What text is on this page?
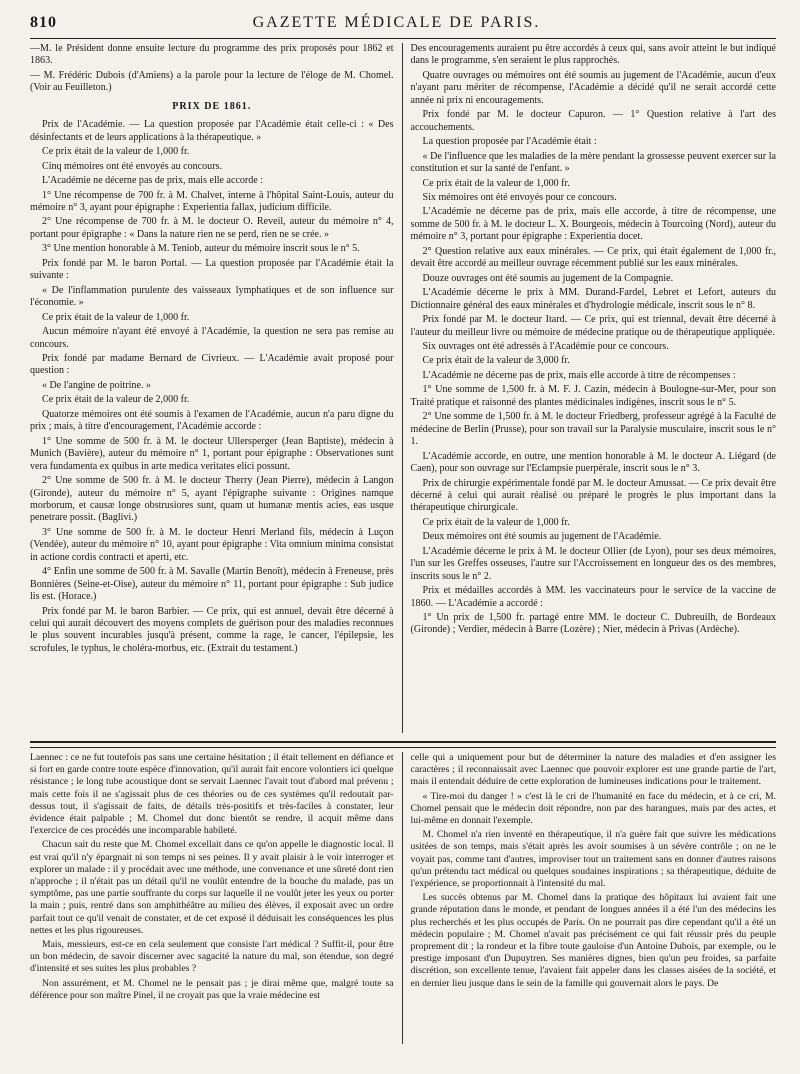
810	GAZETTE MÉDICALE DE PARIS.

—M. le Président donne ensuite lecture du programme des prix proposés pour 1862 et 1863.

— M. Frédéric Dubois (d'Amiens) a la parole pour la lecture de l'éloge de M. Chomel. (Voir au Feuilleton.)

PRIX DE 1861.

Prix de l'Académie. — La question proposée par l'Académie était celle-ci : « Des désinfectants et de leurs applications à la thérapeutique. »

Ce prix était de la valeur de 1,000 fr.

Cinq mémoires ont été envoyés au concours.

L'Académie ne décerne pas de prix, mais elle accorde :

1° Une récompense de 700 fr. à M. Chalvet, interne à l'hôpital Saint-Louis, auteur du mémoire n° 3, ayant pour épigraphe : Experientia fallax, judicium difficile.

2° Une récompense de 700 fr. à M. le docteur O. Reveil, auteur du mémoire n° 4, portant pour épigraphe : « Dans la nature rien ne se perd, rien ne se crée. »

3° Une mention honorable à M. Teniob, auteur du mémoire inscrit sous le n° 5.

Prix fondé par M. le baron Portal. — La question proposée par l'Académie était la suivante :

« De l'inflammation purulente des vaisseaux lymphatiques et de son influence sur l'économie. »

Ce prix était de la valeur de 1,000 fr.

Aucun mémoire n'ayant été envoyé à l'Académie, la question ne sera pas remise au concours.

Prix fondé par madame Bernard de Civrieux. — L'Académie avait proposé pour question :

« De l'angine de poitrine. »

Ce prix était de la valeur de 2,000 fr.

Quatorze mémoires ont été soumis à l'examen de l'Académie, aucun n'a paru digne du prix ; mais, à titre d'encouragement, l'Académie accorde :

1° Une somme de 500 fr. à M. le docteur Ullersperger (Jean Baptiste), médecin à Munich (Bavière), auteur du mémoire n° 1, portant pour épigraphe : Observationes sunt vera fundamenta ex quibus in arte medica veritates elici possunt.

2° Une somme de 500 fr. à M. le docteur Therry (Jean Pierre), médecin à Langon (Gironde), auteur du mémoire n° 5, ayant l'épigraphe suivante : Origines namque morborum, et causæ longe obstrusiores sunt, quam ut humanæ mentis acies, eas usque penetrare possit. (Baglivi.)

3° Une somme de 500 fr. à M. le docteur Henri Merland fils, médecin à Luçon (Vendée), auteur du mémoire n° 10, ayant pour épigraphe : Vita omnium minima consistat in actione cordis contracti et aperti, etc.

4° Enfin une somme de 500 fr. à M. Savalle (Martin Benoît), médecin à Freneuse, près Bonnières (Seine-et-Oise), auteur du mémoire n° 11, portant pour épigraphe : Sub judice lis est. (Horace.)

Prix fondé par M. le baron Barbier. — Ce prix, qui est annuel, devait être décerné à celui qui aurait découvert des moyens complets de guérison pour des maladies reconnues le plus souvent incurables jusqu'à présent, comme la rage, le cancer, l'épilepsie, les scrofules, le typhus, le choléra-morbus, etc. (Extrait du testament.)

Des encouragements auraient pu être accordés à ceux qui, sans avoir atteint le but indiqué dans le programme, s'en seraient le plus rapprochés.

Quatre ouvrages ou mémoires ont été soumis au jugement de l'Académie, aucun d'eux n'ayant paru mériter de récompense, l'Académie a décidé qu'il ne serait accordé cette année ni prix ni encouragements.

Prix fondé par M. le docteur Capuron. — 1° Question relative à l'art des accouchements.

La question proposée par l'Académie était :

« De l'influence que les maladies de la mère pendant la grossesse peuvent exercer sur la constitution et sur la santé de l'enfant. »

Ce prix était de la valeur de 1,000 fr.

Six mémoires ont été envoyés pour ce concours.

L'Académie ne décerne pas de prix, mais elle accorde, à titre de récompense, une somme de 500 fr. à M. le docteur L. X. Bourgeois, médecin à Tourcoing (Nord), auteur du mémoire n° 3, portant pour épigraphe : Experientia docet.

2° Question relative aux eaux minérales. — Ce prix, qui était également de 1,000 fr., devait être accordé au meilleur ouvrage récemment publié sur les eaux minérales.

Douze ouvrages ont été soumis au jugement de la Compagnie.

L'Académie décerne le prix à MM. Durand-Fardel, Lebret et Lefort, auteurs du Dictionnaire général des eaux minérales et d'hydrologie médicale, inscrit sous le n° 8.

Prix fondé par M. le docteur Itard. — Ce prix, qui est triennal, devait être décerné à l'auteur du meilleur livre ou mémoire de médecine pratique ou de thérapeutique appliquée.

Six ouvrages ont été adressés à l'Académie pour ce concours.

Ce prix était de la valeur de 3,000 fr.

L'Académie ne décerne pas de prix, mais elle accorde à titre de récompenses :

1° Une somme de 1,500 fr. à M. F. J. Cazin, médecin à Boulogne-sur-Mer, pour son Traité pratique et raisonné des plantes médicinales indigènes, inscrit sous le n° 5.

2° Une somme de 1,500 fr. à M. le docteur Friedberg, professeur agrégé à la Faculté de médecine de Berlin (Prusse), pour son travail sur la Paralysie musculaire, inscrit sous le n° 1.

L'Académie accorde, en outre, une mention honorable à M. le docteur A. Liégard (de Caen), pour son ouvrage sur l'Eclampsie puerpérale, inscrit sous le n° 3.

Prix de chirurgie expérimentale fondé par M. le docteur Amussat. — Ce prix devait être décerné à celui qui aurait réalisé ou préparé le progrès le plus important dans la thérapeutique chirurgicale.

Ce prix était de la valeur de 1,000 fr.

Deux mémoires ont été soumis au jugement de l'Académie.

L'Académie décerne le prix à M. le docteur Ollier (de Lyon), pour ses deux mémoires, l'un sur les Greffes osseuses, l'autre sur l'Accroissement en longueur des os des membres, inscrits sous le n° 2.

Prix et médailles accordés à MM. les vaccinateurs pour le service de la vaccine de 1860. — L'Académie a accordé :

1° Un prix de 1,500 fr. partagé entre MM. le docteur C. Dubreuilh, de Bordeaux (Gironde) ; Verdier, médecin à Barre (Lozère) ; Nier, médecin à Privas (Ardèche).

Laennec : ce ne fut toutefois pas sans une certaine hésitation ; il était tellement en défiance et si fort en garde contre toute espèce d'innovation, qu'il aurait fait encore volontiers ici quelque résistance ; le long tube acoustique dont se servait Laennec l'avait tout d'abord mal prévenu ; mais cette fois il ne s'agissait plus de ces théories ou de ces systèmes qu'il redoutait par-dessus tout, il s'agissait de faits, de détails très-positifs et très-faciles à constater, leur évidence était palpable ; M. Chomel dut donc bientôt se rendre, il acquit même dans l'exercice de ces procédés une incomparable habileté.

Chacun sait du reste que M. Chomel excellait dans ce qu'on appelle le diagnostic local. Il est vrai qu'il n'y épargnait ni son temps ni ses peines. Il y avait plaisir à le voir interroger et explorer un malade : il y procédait avec une méthode, une convenance et une sûreté dont rien n'approche ; il n'était pas un détail qu'il ne voulût entendre de la bouche du malade, pas un symptôme, pas une partie souffrante du corps sur laquelle il ne voulût jeter les yeux ou porter la main ; puis, rentré dans son amphithéâtre au milieu des élèves, il exposait avec un ordre parfait tout ce qu'il venait de constater, et de cet exposé il déduisait les conséquences les plus nettes et les plus rigoureuses.

Mais, messieurs, est-ce en cela seulement que consiste l'art médical ? Suffit-il, pour être un bon médecin, de savoir discerner avec sagacité la nature du mal, son étendue, son degré d'intensité et ses suites les plus probables ?

Non assurément, et M. Chomel ne le pensait pas ; je dirai même que, malgré toute sa déférence pour son maître Pinel, il ne croyait pas que la vraie médecine est

celle qui a uniquement pour but de déterminer la nature des maladies et d'en assigner les caractères ; il reconnaissait avec Laennec que pouvoir explorer est une grande partie de l'art, mais il entendait déduire de cette exploration de lumineuses indications pour le traitement.

« Tire-moi du danger ! » c'est là le cri de l'humanité en face du médecin, et à ce cri, M. Chomel pensait que le médecin doit répondre, non par des harangues, mais par des actes, et lui-même en donnait l'exemple.

M. Chomel n'a rien inventé en thérapeutique, il n'a guère fait que suivre les médications usitées de son temps, mais s'était après les avoir soumises à un sévère contrôle ; on ne le voyait pas, comme tant d'autres, improviser tout un traitement sans en donner d'autres raisons qu'un prétendu tact médical ou quelques soudaines inspirations ; sa thérapeutique, déduite de l'expérience, se proportionnait à l'intensité du mal.

Les succès obtenus par M. Chomel dans la pratique des hôpitaux lui avaient fait une grande réputation dans le monde, et pendant de longues années il a été l'un des médecins les plus recherchés et les plus occupés de Paris. On ne pourrait pas dire cependant qu'il a été un médecin populaire ; M. Chomel n'avait pas précisément ce qui fait réussir près du peuple proprement dit ; la rondeur et la fibre toute gauloise d'un Antoine Dubois, par exemple, ou le prestige imposant d'un Dupuytren. Ses manières dignes, bien qu'un peu froides, sa parfaite discrétion, son excellente tenue, l'avaient fait appeler dans les classes aisées de la société, et en dernier lieu jusque dans le sein de la famille qui gouvernait alors le pays. De
